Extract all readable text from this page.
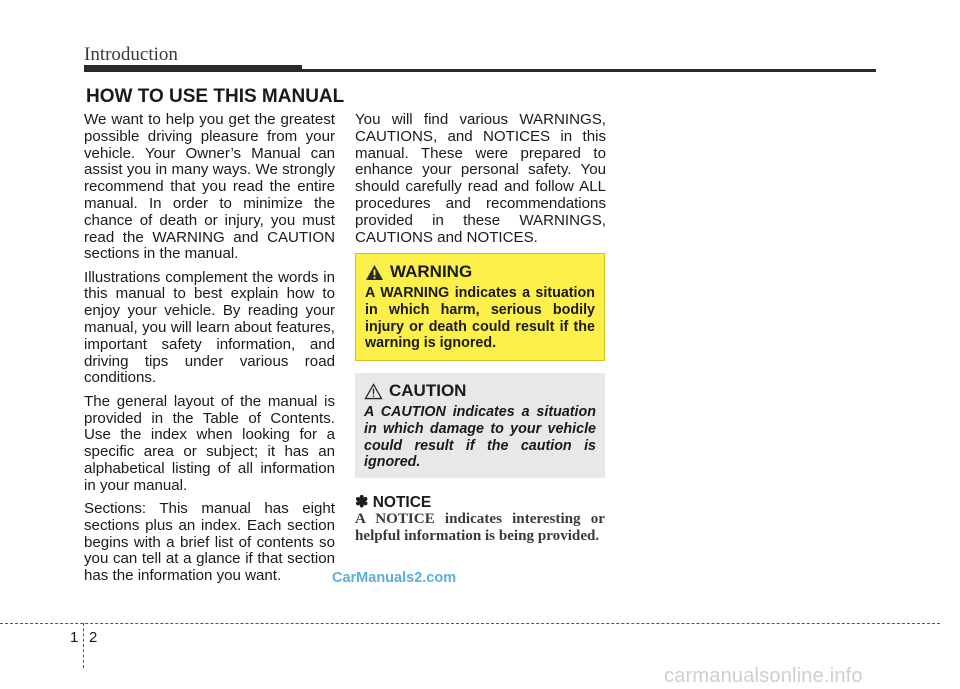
Introduction
HOW TO USE THIS MANUAL

We want to help you get the greatest possible driving pleasure from your vehicle. Your Owner’s Manual can assist you in many ways. We strongly recommend that you read the entire manual. In order to minimize the chance of death or injury, you must read the WARNING and CAUTION sections in the manual.

Illustrations complement the words in this manual to best explain how to enjoy your vehicle. By reading your manual, you will learn about features, important safety information, and driving tips under various road conditions.

The general layout of the manual is provided in the Table of Contents. Use the index when looking for a specific area or subject; it has an alphabetical listing of all information in your manual.

Sections: This manual has eight sections plus an index. Each section begins with a brief list of contents so you can tell at a glance if that section has the information you want.

You will find various WARNINGS, CAUTIONS, and NOTICES in this manual. These were prepared to enhance your personal safety. You should carefully read and follow ALL procedures and recommendations provided in these WARNINGS, CAUTIONS and NOTICES.

WARNING
A WARNING indicates a situation in which harm, serious bodily injury or death could result if the warning is ignored.
CAUTION
A CAUTION indicates a situation in which damage to your vehicle could result if the caution is ignored.
✽ NOTICE
A NOTICE indicates interesting or helpful information is being provided.
CarManuals2.com
1 2
carmanualsonline.info
